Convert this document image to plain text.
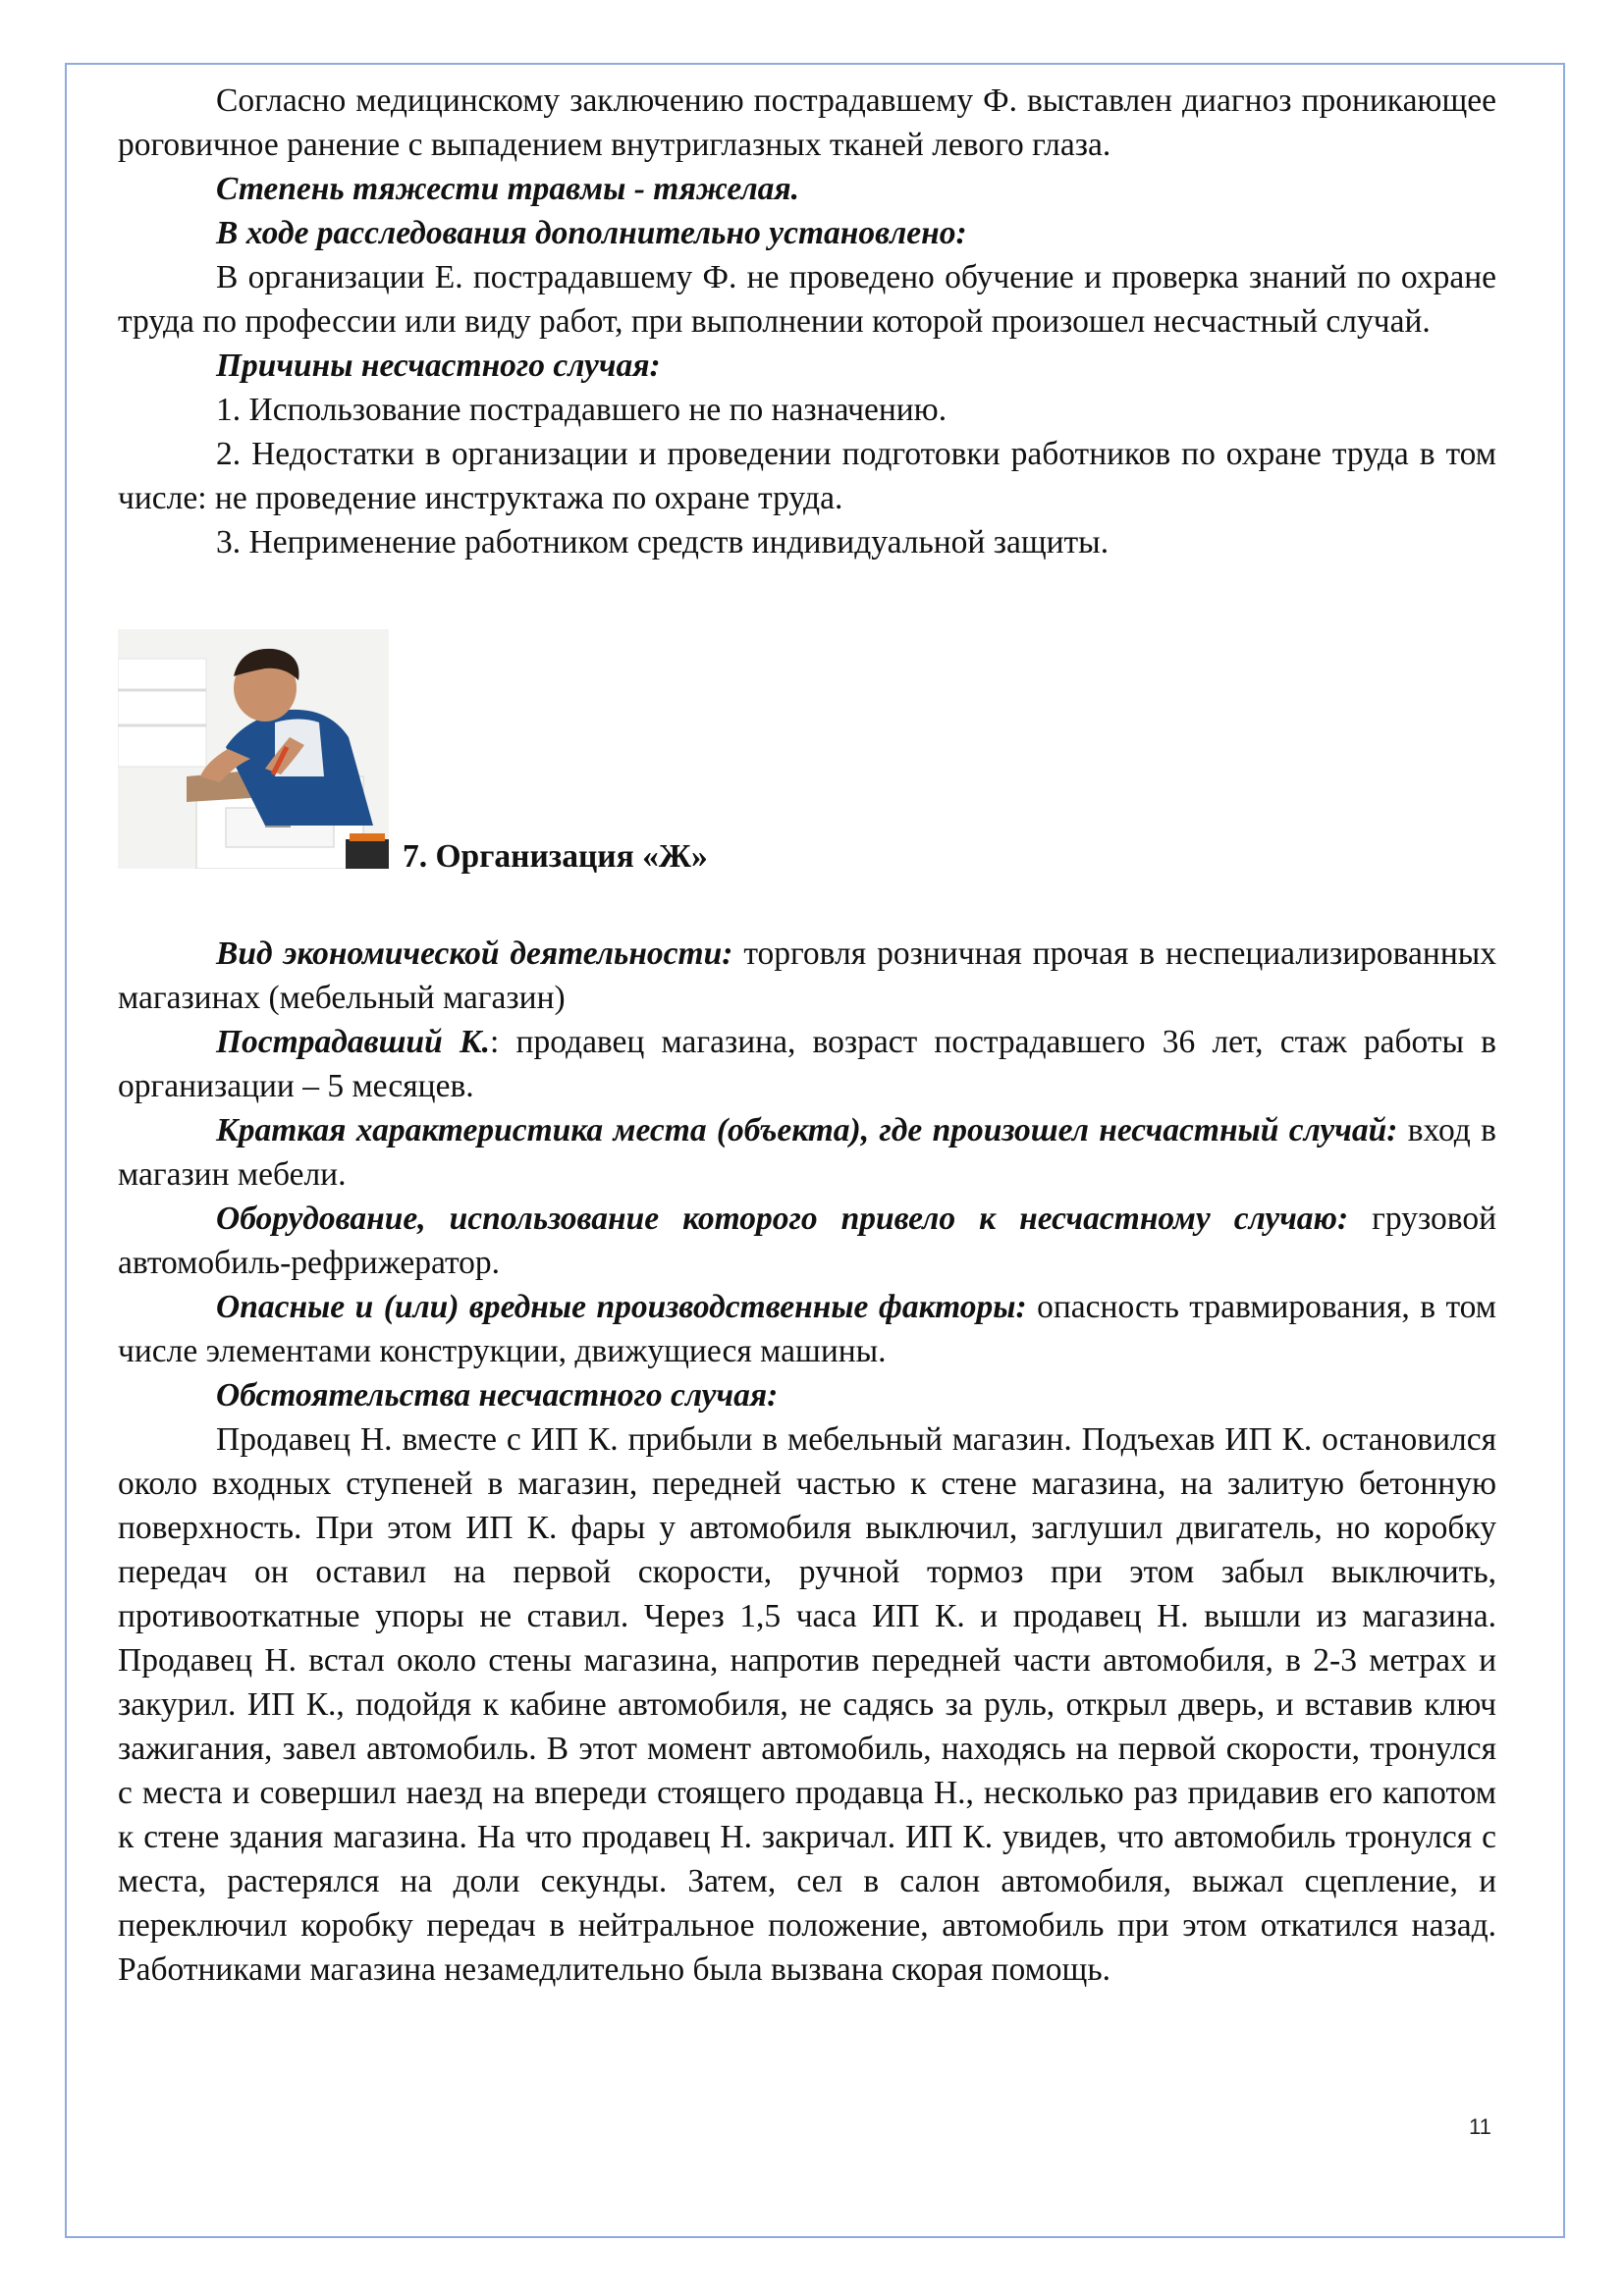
Согласно медицинскому заключению пострадавшему Ф. выставлен диагноз проникающее роговичное ранение с выпадением внутриглазных тканей левого глаза.

Степень тяжести травмы - тяжелая.

В ходе расследования дополнительно установлено:

В организации Е. пострадавшему Ф. не проведено обучение и проверка знаний по охране труда по профессии или виду работ, при выполнении которой произошел несчастный случай.

Причины несчастного случая:

1. Использование пострадавшего не по назначению.

2. Недостатки в организации и проведении подготовки работников по охране труда в том числе: не проведение инструктажа по охране труда.

3. Неприменение работником средств индивидуальной защиты.

7. Организация «Ж»

Вид экономической деятельности: торговля розничная прочая в неспециализированных магазинах (мебельный магазин)

Пострадавший К.: продавец магазина, возраст пострадавшего 36 лет, стаж работы в организации – 5 месяцев.

Краткая характеристика места (объекта), где произошел несчастный случай: вход в магазин мебели.

Оборудование, использование которого привело к несчастному случаю: грузовой автомобиль-рефрижератор.

Опасные и (или) вредные производственные факторы: опасность травмирования, в том числе элементами конструкции, движущиеся машины.

Обстоятельства несчастного случая:

Продавец Н. вместе с ИП К. прибыли в мебельный магазин. Подъехав ИП К. остановился около входных ступеней в магазин, передней частью к стене магазина, на залитую бетонную поверхность. При этом ИП К. фары у автомобиля выключил, заглушил двигатель, но коробку передач он оставил на первой скорости, ручной тормоз при этом забыл выключить, противооткатные упоры не ставил. Через 1,5 часа ИП К. и продавец Н. вышли из магазина. Продавец Н. встал около стены магазина, напротив передней части автомобиля, в 2-3 метрах и закурил. ИП К., подойдя к кабине автомобиля, не садясь за руль, открыл дверь, и вставив ключ зажигания, завел автомобиль. В этот момент автомобиль, находясь на первой скорости, тронулся с места и совершил наезд на впереди стоящего продавца Н., несколько раз придавив его капотом к стене здания магазина. На что продавец Н. закричал. ИП К. увидев, что автомобиль тронулся с места, растерялся на доли секунды. Затем, сел в салон автомобиля, выжал сцепление, и переключил коробку передач в нейтральное положение, автомобиль при этом откатился назад. Работниками магазина незамедлительно была вызвана скорая помощь.

11
